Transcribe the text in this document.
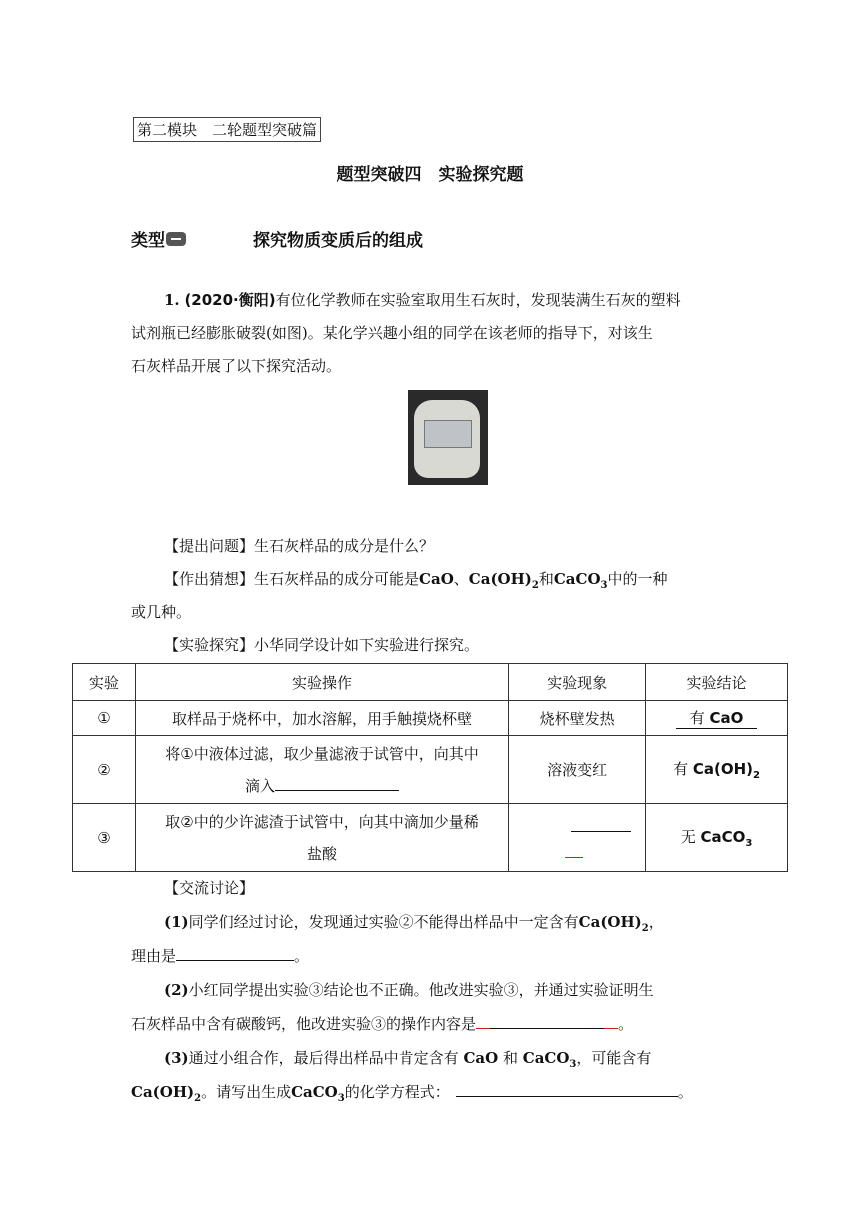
第二模块　二轮题型突破篇
题型突破四　实验探究题
类型	探究物质变质后的组成
1. (2020·衡阳)有位化学教师在实验室取用生石灰时，发现装满生石灰的塑料
试剂瓶已经膨胀破裂(如图)。某化学兴趣小组的同学在该老师的指导下，对该生
石灰样品开展了以下探究活动。
【提出问题】生石灰样品的成分是什么？
【作出猜想】生石灰样品的成分可能是CaO、$Ca(OH)_2$和CaCO$_3$中的一种
或几种。
【实验探究】小华同学设计如下实验进行探究。
实验	实验操作	实验现象	实验结论
①	取样品于烧杯中，加水溶解，用手触摸烧杯壁	烧杯壁发热	有 CaO
②	将①中液体过滤，取少量滤液于试管中，向其中
滴入	溶液变红	有 $Ca(OH)_2$
③	取②中的少许滤渣于试管中，向其中滴加少量稀
盐酸		无 CaCO$_3$
【交流讨论】
(1)同学们经过讨论，发现通过实验②不能得出样品中一定含有$Ca(OH)_2$，
理由是	。
(2)小红同学提出实验③结论也不正确。他改进实验③，并通过实验证明生
石灰样品中含有碳酸钙，他改进实验③的操作内容是	。
(3)通过小组合作，最后得出样品中肯定含有 CaO 和 CaCO$_3$，可能含有
$Ca(OH)_2$。请写出生成CaCO$_3$的化学方程式：	。
